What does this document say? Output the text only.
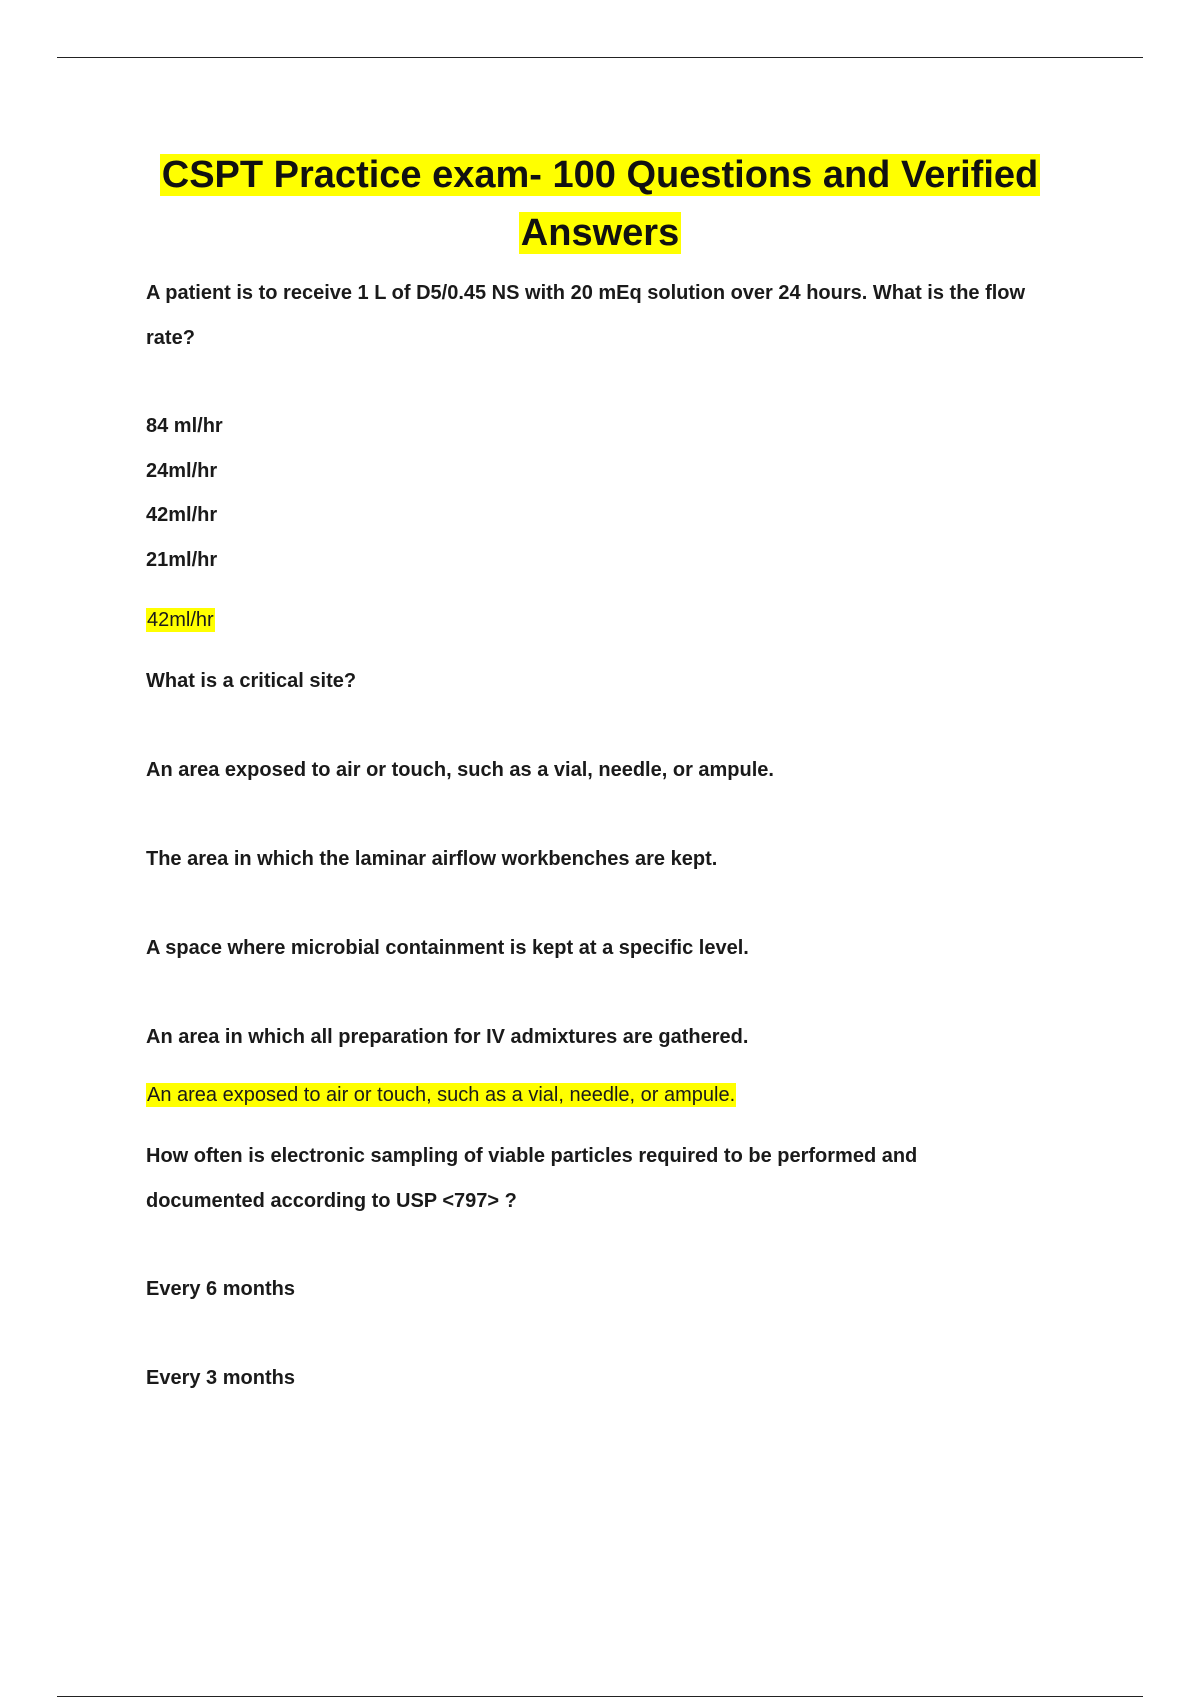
CSPT Practice exam- 100 Questions and Verified
Answers
A patient is to receive 1 L of D5/0.45 NS with 20 mEq solution over 24 hours. What is the flow
rate?
84 ml/hr
24ml/hr
42ml/hr
21ml/hr
42ml/hr
What is a critical site?
An area exposed to air or touch, such as a vial, needle, or ampule.
The area in which the laminar airflow workbenches are kept.
A space where microbial containment is kept at a specific level.
An area in which all preparation for IV admixtures are gathered.
An area exposed to air or touch, such as a vial, needle, or ampule.
How often is electronic sampling of viable particles required to be performed and
documented according to USP <797> ?
Every 6 months
Every 3 months
